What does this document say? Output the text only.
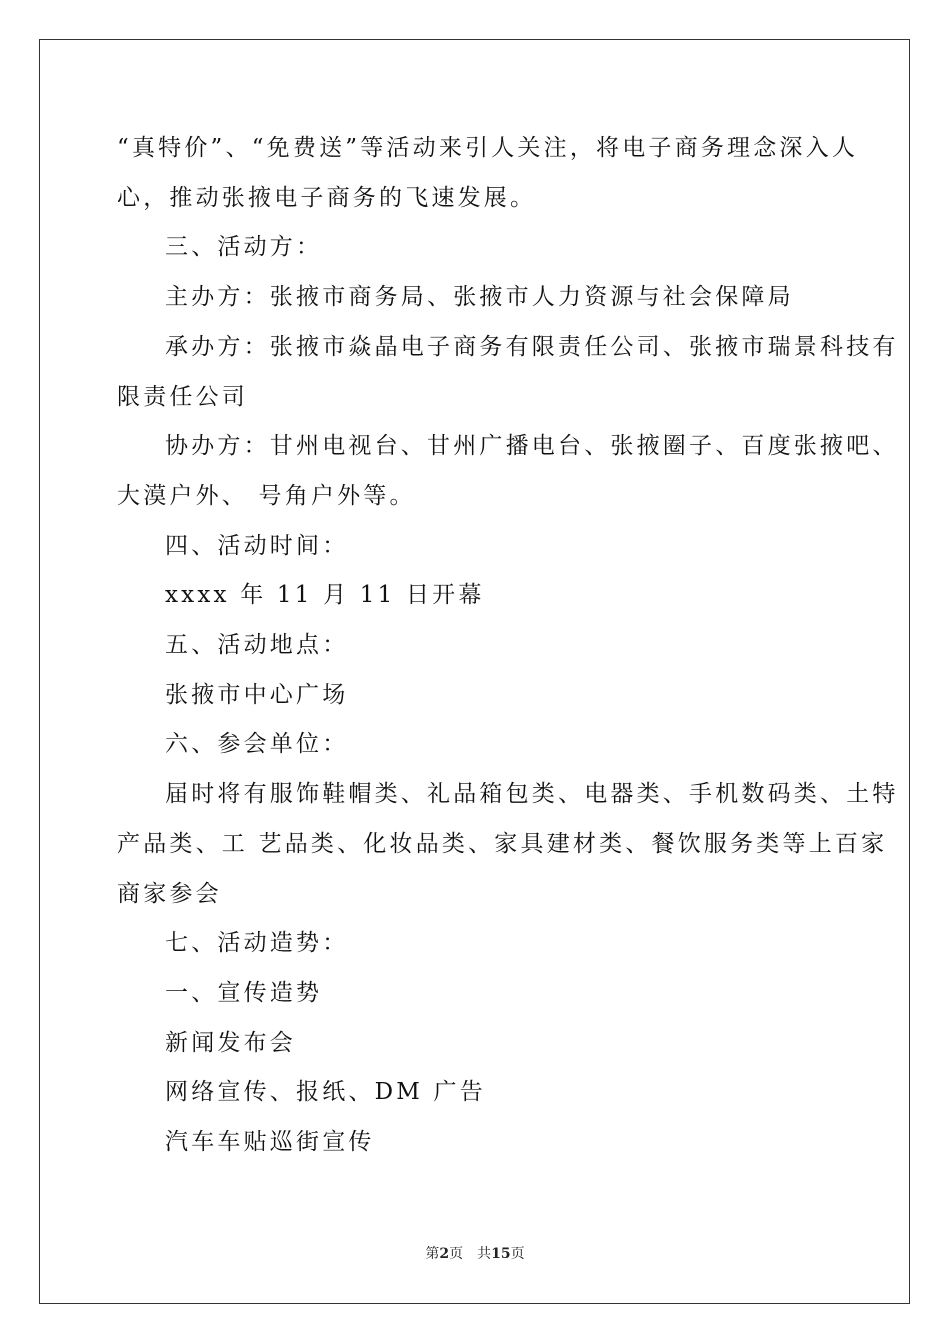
“真特价”、“免费送”等活动来引人关注，将电子商务理念深入人

心，推动张掖电子商务的飞速发展。

三、活动方：

主办方：张掖市商务局、张掖市人力资源与社会保障局

承办方：张掖市焱晶电子商务有限责任公司、张掖市瑞景科技有

限责任公司

协办方：甘州电视台、甘州广播电台、张掖圈子、百度张掖吧、

大漠户外、 号角户外等。

四、活动时间：

xxxx 年 11 月 11 日开幕

五、活动地点：

张掖市中心广场

六、参会单位：

届时将有服饰鞋帽类、礼品箱包类、电器类、手机数码类、土特

产品类、工 艺品类、化妆品类、家具建材类、餐饮服务类等上百家

商家参会

七、活动造势：

一、宣传造势

新闻发布会

网络宣传、报纸、DM 广告

汽车车贴巡街宣传

第2页 共15页
